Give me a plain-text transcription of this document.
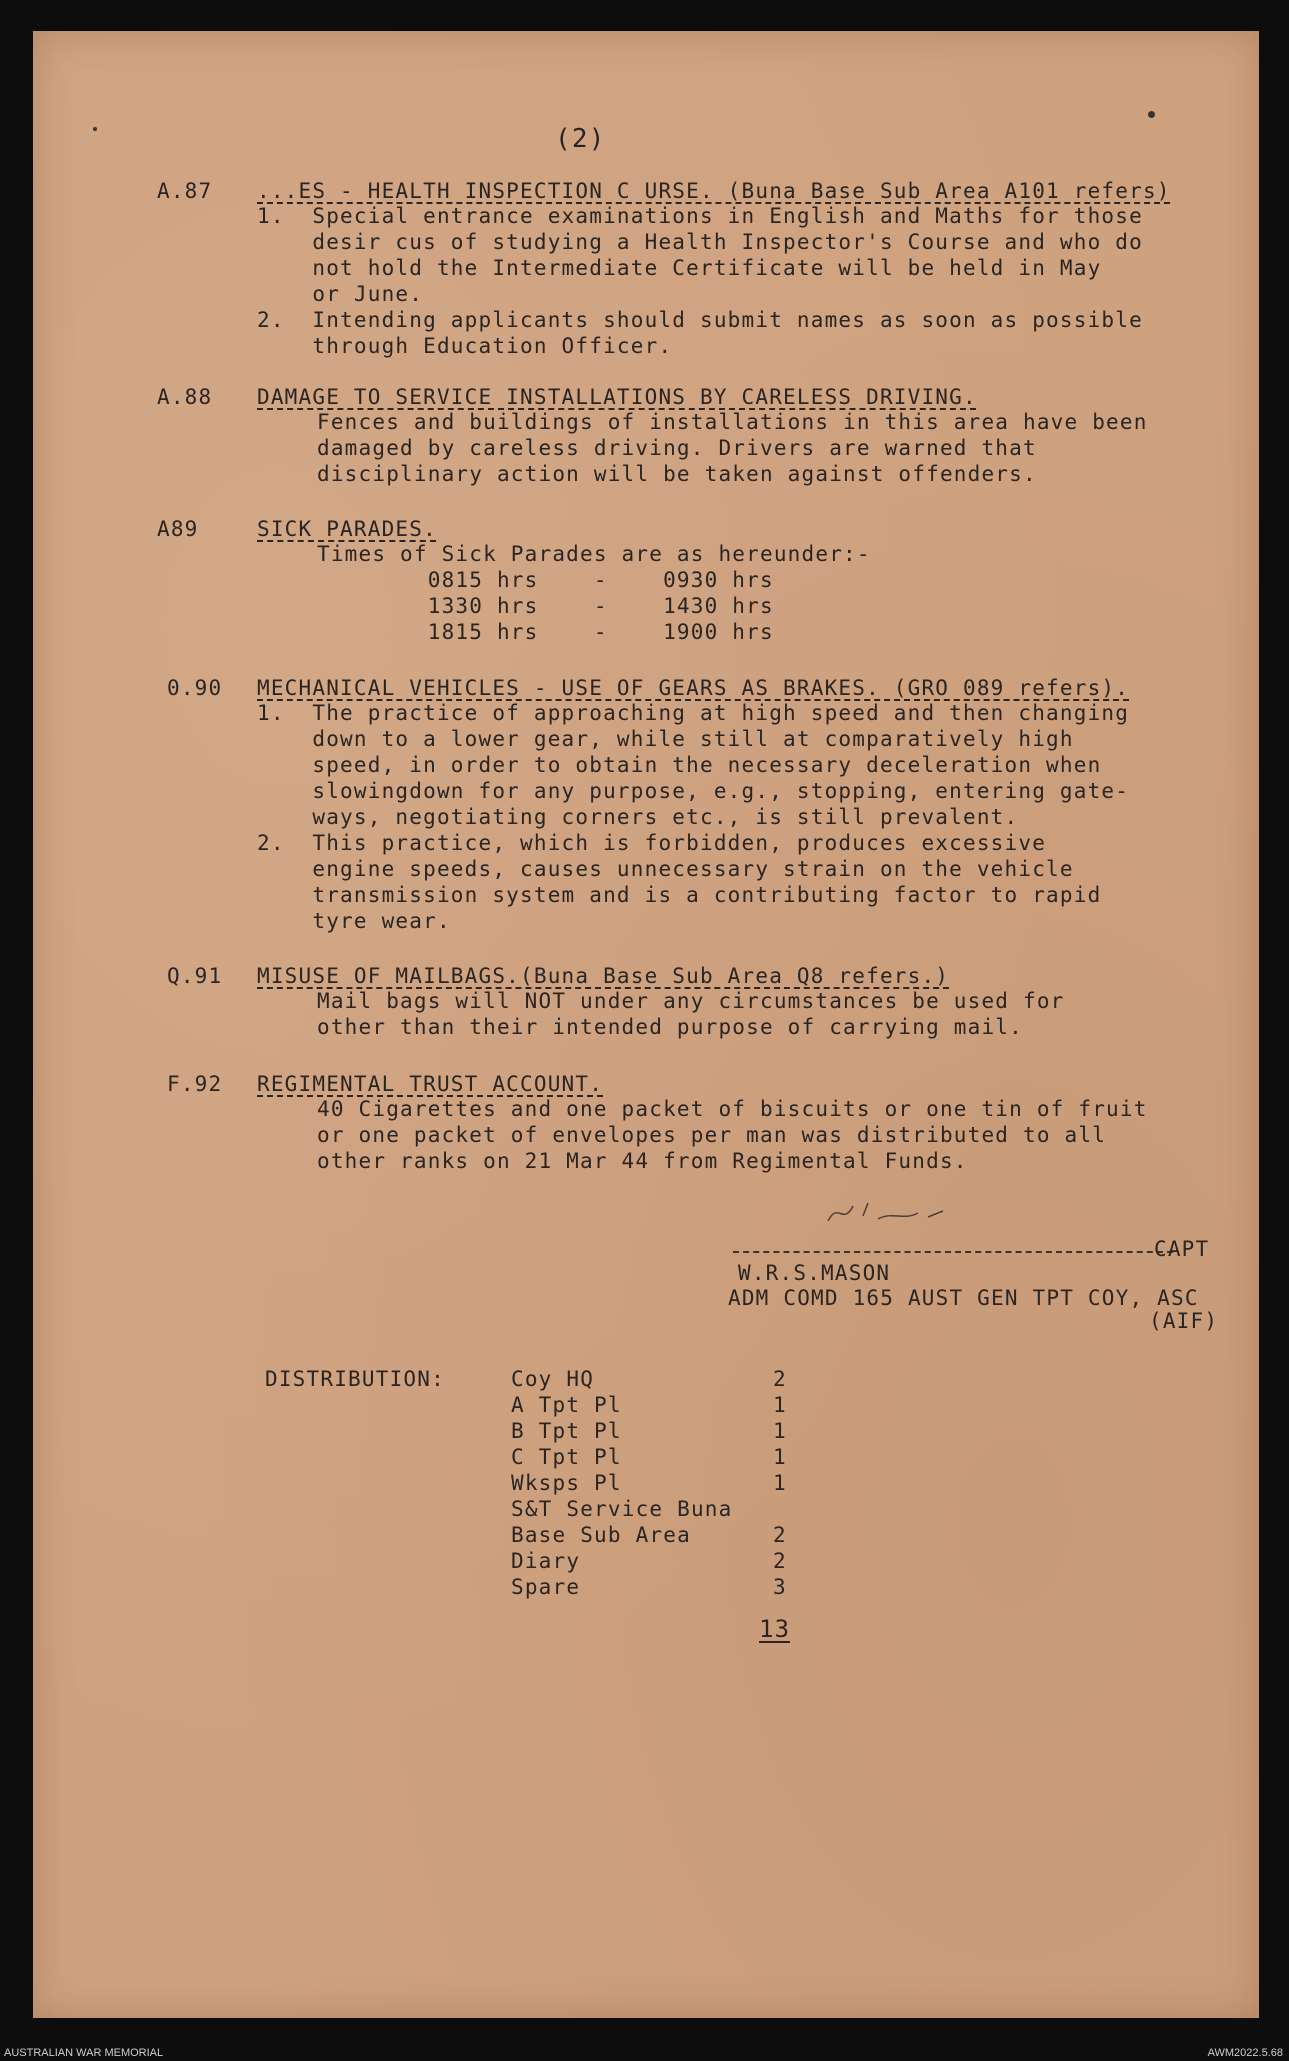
(2)
A.87 ...ES - HEALTH INSPECTION C URSE. (Buna Base Sub Area A101 refers)
1.  Special entrance examinations in English and Maths for those
desir cus of studying a Health Inspector's Course and who do
not hold the Intermediate Certificate will be held in May
or June.
2.  Intending applicants should submit names as soon as possible
through Education Officer.
A.88 DAMAGE TO SERVICE INSTALLATIONS BY CARELESS DRIVING.
Fences and buildings of installations in this area have been
damaged by careless driving. Drivers are warned that
disciplinary action will be taken against offenders.
A89	SICK PARADES.
Times of Sick Parades are as hereunder:-
0815 hrs    -    0930 hrs
1330 hrs    -    1430 hrs
1815 hrs    -    1900 hrs
0.90 MECHANICAL VEHICLES - USE OF GEARS AS BRAKES. (GRO 089 refers).
1.  The practice of approaching at high speed and then changing
down to a lower gear, while still at comparatively high
speed, in order to obtain the necessary deceleration when
slowingdown for any purpose, e.g., stopping, entering gate-
ways, negotiating corners etc., is still prevalent.
2.  This practice, which is forbidden, produces excessive
engine speeds, causes unnecessary strain on the vehicle
transmission system and is a contributing factor to rapid
tyre wear.
Q.91 MISUSE OF MAILBAGS.(Buna Base Sub Area Q8 refers.)
Mail bags will NOT under any circumstances be used for
other than their intended purpose of carrying mail.
F.92 REGIMENTAL TRUST ACCOUNT.
40 Cigarettes and one packet of biscuits or one tin of fruit
or one packet of envelopes per man was distributed to all
other ranks on 21 Mar 44 from Regimental Funds.
CAPT
W.R.S.MASON
ADM COMD 165 AUST GEN TPT COY, ASC
(AIF)
DISTRIBUTION:	Coy HQ	2
A Tpt Pl	1
B Tpt Pl	1
C Tpt Pl	1
Wksps Pl	1
S&T Service Buna
Base Sub Area	2
Diary	2
Spare	3
13
AUSTRALIAN WAR MEMORIAL	AWM2022.5.68
